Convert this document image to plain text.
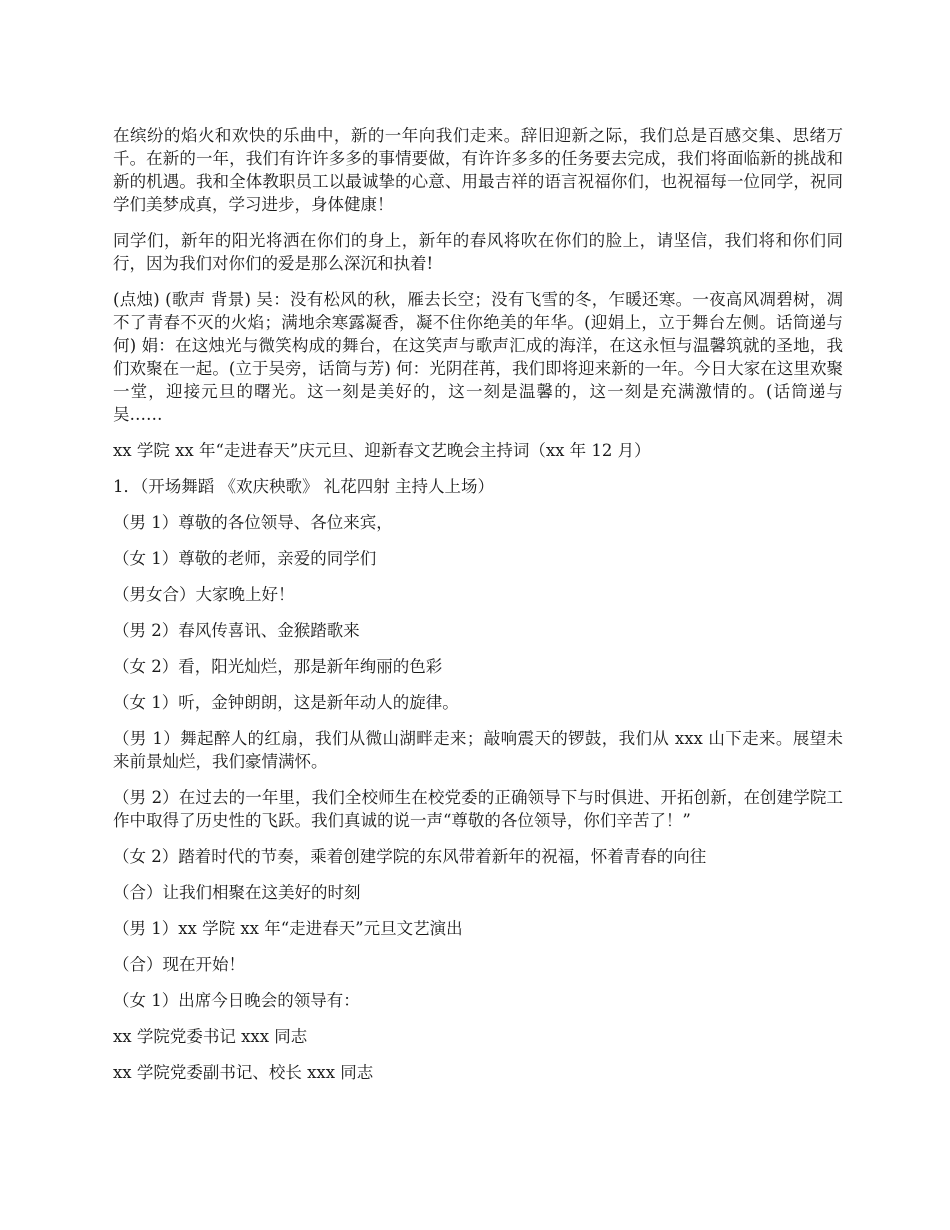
在缤纷的焰火和欢快的乐曲中，新的一年向我们走来。辞旧迎新之际，我们总是百感交集、思绪万千。在新的一年，我们有许许多多的事情要做，有许许多多的任务要去完成，我们将面临新的挑战和新的机遇。我和全体教职员工以最诚挚的心意、用最吉祥的语言祝福你们，也祝福每一位同学，祝同学们美梦成真，学习进步，身体健康！

同学们，新年的阳光将洒在你们的身上，新年的春风将吹在你们的脸上，请坚信，我们将和你们同行，因为我们对你们的爱是那么深沉和执着!

(点烛) (歌声 背景) 吴：没有松风的秋，雁去长空；没有飞雪的冬，乍暖还寒。一夜高风凋碧树，凋不了青春不灭的火焰；满地余寒露凝香，凝不住你绝美的年华。(迎娟上，立于舞台左侧。话筒递与何) 娟：在这烛光与微笑构成的舞台，在这笑声与歌声汇成的海洋，在这永恒与温馨筑就的圣地，我们欢聚在一起。(立于吴旁，话筒与芳) 何：光阴荏苒，我们即将迎来新的一年。今日大家在这里欢聚一堂，迎接元旦的曙光。这一刻是美好的，这一刻是温馨的，这一刻是充满激情的。(话筒递与吴……

xx 学院 xx 年“走进春天”庆元旦、迎新春文艺晚会主持词（xx 年 12 月）

1．（开场舞蹈 《欢庆秧歌》 礼花四射 主持人上场）

（男 1）尊敬的各位领导、各位来宾，

（女 1）尊敬的老师，亲爱的同学们

（男女合）大家晚上好！

（男 2）春风传喜讯、金猴踏歌来

（女 2）看，阳光灿烂，那是新年绚丽的色彩

（女 1）听，金钟朗朗，这是新年动人的旋律。

（男 1）舞起醉人的红扇，我们从微山湖畔走来；敲响震天的锣鼓，我们从 xxx 山下走来。展望未来前景灿烂，我们豪情满怀。

（男 2）在过去的一年里，我们全校师生在校党委的正确领导下与时俱进、开拓创新，在创建学院工作中取得了历史性的飞跃。我们真诚的说一声“尊敬的各位领导，你们辛苦了！”

（女 2）踏着时代的节奏，乘着创建学院的东风带着新年的祝福，怀着青春的向往

（合）让我们相聚在这美好的时刻

（男 1）xx 学院 xx 年“走进春天”元旦文艺演出

（合）现在开始！

（女 1）出席今日晚会的领导有：

xx 学院党委书记 xxx 同志

xx 学院党委副书记、校长 xxx 同志
